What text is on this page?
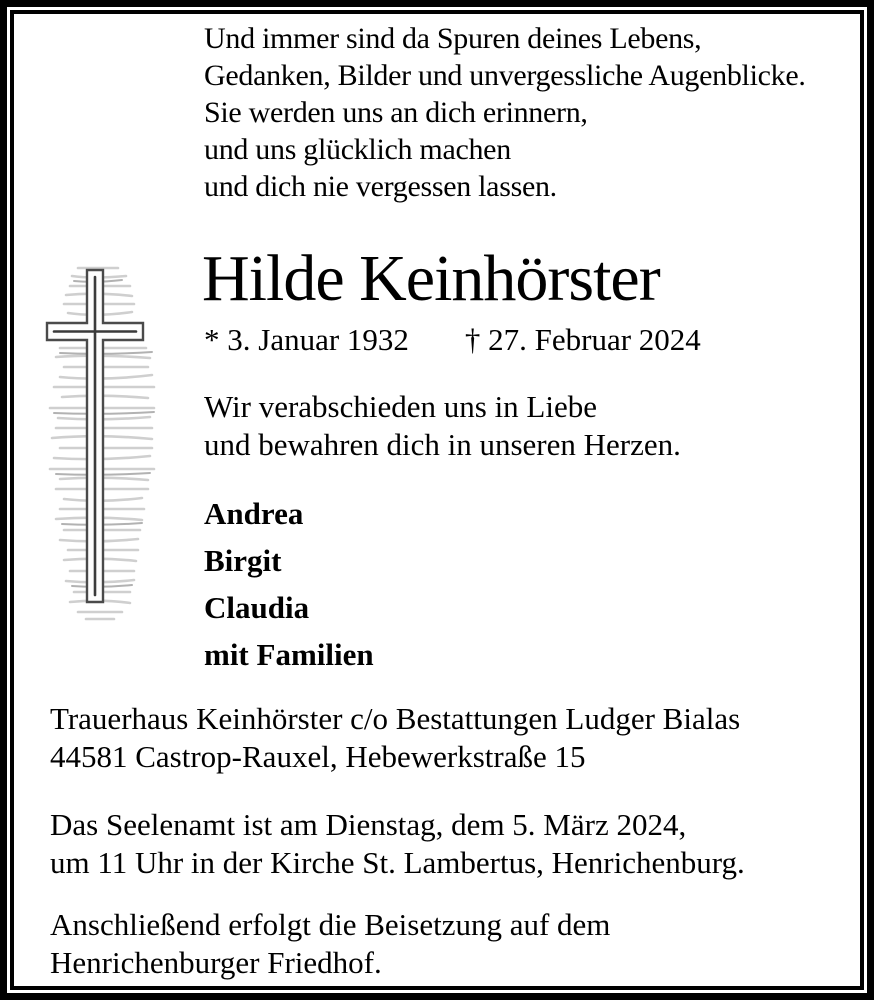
Und immer sind da Spuren deines Lebens,
Gedanken, Bilder und unvergessliche Augenblicke.
Sie werden uns an dich erinnern,
und uns glücklich machen
und dich nie vergessen lassen.
Hilde Keinhörster
* 3. Januar 1932 † 27. Februar 2024
Wir verabschieden uns in Liebe
und bewahren dich in unseren Herzen.
Andrea
Birgit
Claudia
mit Familien
Trauerhaus Keinhörster c/o Bestattungen Ludger Bialas
44581 Castrop-Rauxel, Hebewerkstraße 15
Das Seelenamt ist am Dienstag, dem 5. März 2024,
um 11 Uhr in der Kirche St. Lambertus, Henrichenburg.
Anschließend erfolgt die Beisetzung auf dem
Henrichenburger Friedhof.
